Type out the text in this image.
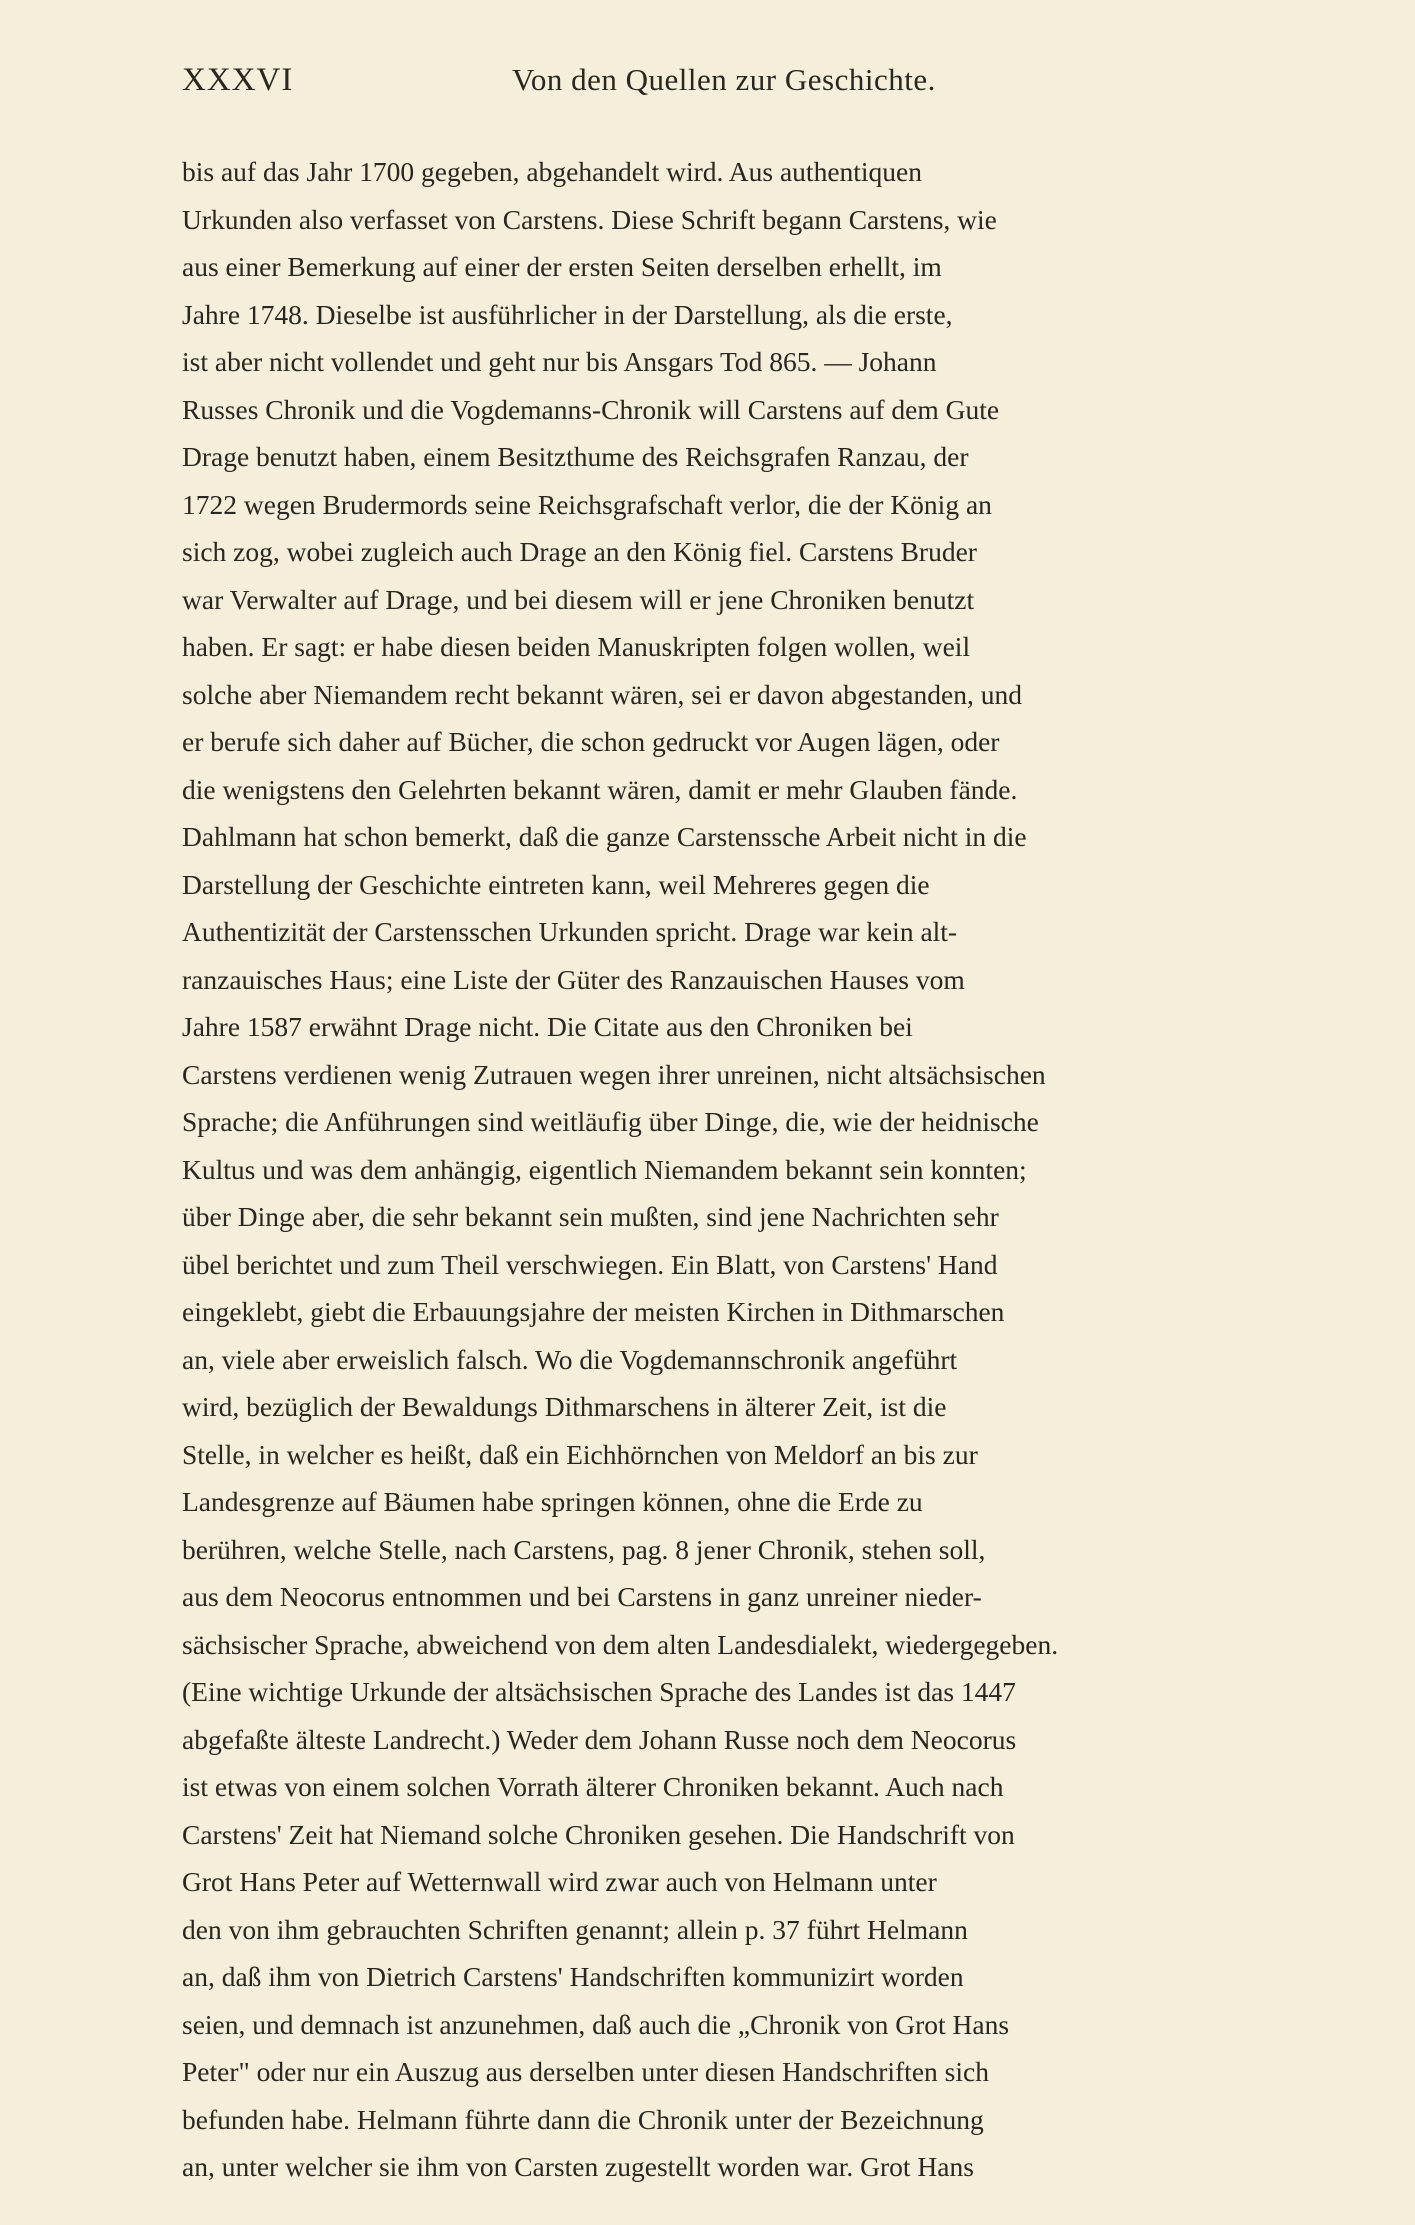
XXXVI	Von den Quellen zur Geschichte.
bis auf das Jahr 1700 gegeben, abgehandelt wird. Aus authentiquen
Urkunden also verfasset von Carstens. Diese Schrift begann Carstens, wie
aus einer Bemerkung auf einer der ersten Seiten derselben erhellt, im
Jahre 1748. Dieselbe ist ausführlicher in der Darstellung, als die erste,
ist aber nicht vollendet und geht nur bis Ansgars Tod 865. — Johann
Russes Chronik und die Vogdemanns-Chronik will Carstens auf dem Gute
Drage benutzt haben, einem Besitzthume des Reichsgrafen Ranzau, der
1722 wegen Brudermords seine Reichsgrafschaft verlor, die der König an
sich zog, wobei zugleich auch Drage an den König fiel. Carstens Bruder
war Verwalter auf Drage, und bei diesem will er jene Chroniken benutzt
haben. Er sagt: er habe diesen beiden Manuskripten folgen wollen, weil
solche aber Niemandem recht bekannt wären, sei er davon abgestanden, und
er berufe sich daher auf Bücher, die schon gedruckt vor Augen lägen, oder
die wenigstens den Gelehrten bekannt wären, damit er mehr Glauben fände.
Dahlmann hat schon bemerkt, daß die ganze Carstenssche Arbeit nicht in die
Darstellung der Geschichte eintreten kann, weil Mehreres gegen die
Authentizität der Carstensschen Urkunden spricht. Drage war kein alt-
ranzauisches Haus; eine Liste der Güter des Ranzauischen Hauses vom
Jahre 1587 erwähnt Drage nicht. Die Citate aus den Chroniken bei
Carstens verdienen wenig Zutrauen wegen ihrer unreinen, nicht altsächsischen
Sprache; die Anführungen sind weitläufig über Dinge, die, wie der heidnische
Kultus und was dem anhängig, eigentlich Niemandem bekannt sein konnten;
über Dinge aber, die sehr bekannt sein mußten, sind jene Nachrichten sehr
übel berichtet und zum Theil verschwiegen. Ein Blatt, von Carstens' Hand
eingeklebt, giebt die Erbauungsjahre der meisten Kirchen in Dithmarschen
an, viele aber erweislich falsch. Wo die Vogdemannschronik angeführt
wird, bezüglich der Bewaldungs Dithmarschens in älterer Zeit, ist die
Stelle, in welcher es heißt, daß ein Eichhörnchen von Meldorf an bis zur
Landesgrenze auf Bäumen habe springen können, ohne die Erde zu
berühren, welche Stelle, nach Carstens, pag. 8 jener Chronik, stehen soll,
aus dem Neocorus entnommen und bei Carstens in ganz unreiner nieder-
sächsischer Sprache, abweichend von dem alten Landesdialekt, wiedergegeben.
(Eine wichtige Urkunde der altsächsischen Sprache des Landes ist das 1447
abgefaßte älteste Landrecht.) Weder dem Johann Russe noch dem Neocorus
ist etwas von einem solchen Vorrath älterer Chroniken bekannt. Auch nach
Carstens' Zeit hat Niemand solche Chroniken gesehen. Die Handschrift von
Grot Hans Peter auf Wetternwall wird zwar auch von Helmann unter
den von ihm gebrauchten Schriften genannt; allein p. 37 führt Helmann
an, daß ihm von Dietrich Carstens' Handschriften kommunizirt worden
seien, und demnach ist anzunehmen, daß auch die „Chronik von Grot Hans
Peter" oder nur ein Auszug aus derselben unter diesen Handschriften sich
befunden habe. Helmann führte dann die Chronik unter der Bezeichnung
an, unter welcher sie ihm von Carsten zugestellt worden war. Grot Hans
